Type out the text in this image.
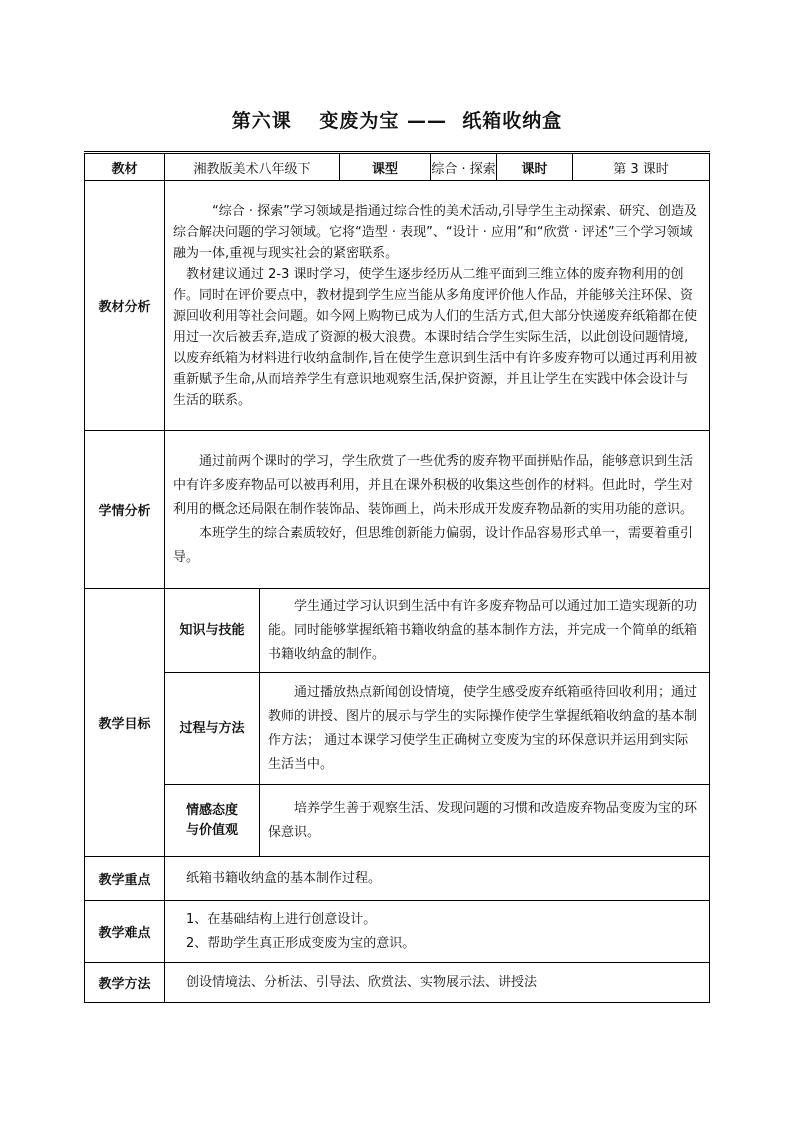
第六课　 变废为宝 ——  纸箱收纳盒
教材	湘教版美术八年级下		课型	综合 · 探索	课时	第 3 课时
教材分析	“综合 · 探索”学习领域是指通过综合性的美术活动,引导学生主动探索、研究、创造及综合解决问题的学习领域。它将“造型 · 表现”、“设计 · 应用”和“欣赏 · 评述”三个学习领域融为一体,重视与现实社会的紧密联系。

教材建议通过 2-3 课时学习，使学生逐步经历从二维平面到三维立体的废弃物利用的创作。同时在评价要点中，教材提到学生应当能从多角度评价他人作品，并能够关注环保、资源回收利用等社会问题。如今网上购物已成为人们的生活方式,但大部分快递废弃纸箱都在使用过一次后被丢弃,造成了资源的极大浪费。本课时结合学生实际生活，以此创设问题情境,以废弃纸箱为材料进行收纳盒制作,旨在使学生意识到生活中有许多废弃物可以通过再利用被重新赋予生命,从而培养学生有意识地观察生活,保护资源，并且让学生在实践中体会设计与生活的联系。					

学情分析	通过前两个课时的学习，学生欣赏了一些优秀的废弃物平面拼贴作品，能够意识到生活中有许多废弃物品可以被再利用，并且在课外积极的收集这些创作的材料。但此时，学生对利用的概念还局限在制作装饰品、装饰画上，尚未形成开发废弃物品新的实用功能的意识。

本班学生的综合素质较好，但思维创新能力偏弱，设计作品容易形式单一，需要着重引导。					

教学目标	知识与技能	学生通过学习认识到生活中有许多废弃物品可以通过加工造实现新的功能。同时能够掌握纸箱书籍收纳盒的基本制作方法，并完成一个简单的纸箱书籍收纳盒的制作。				

	过程与方法	通过播放热点新闻创设情境，使学生感受废弃纸箱亟待回收利用；通过教师的讲授、图片的展示与学生的实际操作使学生掌握纸箱收纳盒的基本制作方法； 通过本课学习使学生正确树立变废为宝的环保意识并运用到实际生活当中。				

	情感态度
与价值观	培养学生善于观察生活、发现问题的习惯和改造废弃物品变废为宝的环保意识。				

教学重点	纸箱书籍收纳盒的基本制作过程。					

教学难点	1、在基础结构上进行创意设计。

2、帮助学生真正形成变废为宝的意识。					

教学方法	创设情境法、分析法、引导法、欣赏法、实物展示法、讲授法					
